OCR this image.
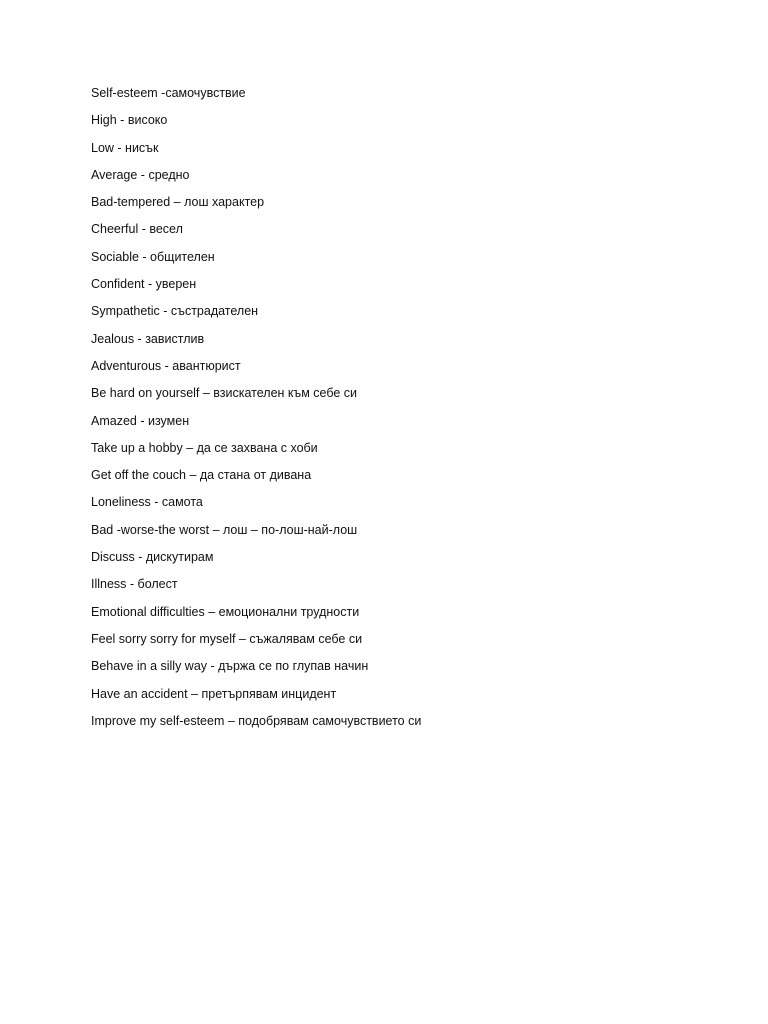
Self-esteem -самочувствие
High - високо
Low - нисък
Average - средно
Bad-tempered – лош характер
Cheerful - весел
Sociable - общителен
Confident - уверен
Sympathetic - състрадателен
Jealous - завистлив
Adventurous - авантюрист
Be hard on yourself – взискателен към себе си
Amazed - изумен
Take up a hobby – да се захвана с хоби
Get off the couch – да стана от дивана
Loneliness - самота
Bad -worse-the worst – лош – по-лош-най-лош
Discuss - дискутирам
Illness - болест
Emotional difficulties – емоционални трудности
Feel sorry sorry for myself – съжалявам себе си
Behave in a silly way - държа се по глупав начин
Have an accident – претърпявам инцидент
Improve my self-esteem – подобрявам самочувствието си
